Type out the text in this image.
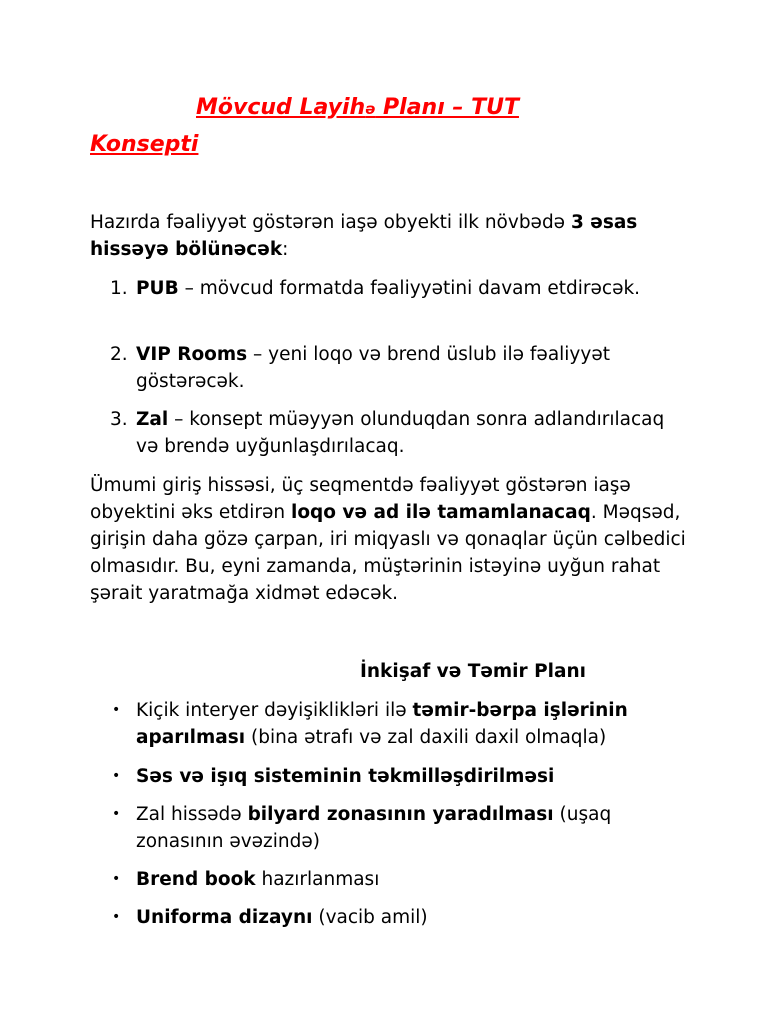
Mövcud Layihə Planı – TUT
Konsepti
Hazırda fəaliyyət göstərən iaşə obyekti ilk növbədə 3 əsas hissəyə bölünəcək:
1. PUB – mövcud formatda fəaliyyətini davam etdirəcək.
2. VIP Rooms – yeni loqo və brend üslub ilə fəaliyyət göstərəcək.
3. Zal – konsept müəyyən olunduqdan sonra adlandırılacaq və brendə uyğunlaşdırılacaq.
Ümumi giriş hissəsi, üç seqmentdə fəaliyyət göstərən iaşə obyektini əks etdirən loqo və ad ilə tamamlanacaq. Məqsəd, girişin daha gözə çarpan, iri miqyaslı və qonaqlar üçün cəlbedici olmasıdır. Bu, eyni zamanda, müştərinin istəyinə uyğun rahat şərait yaratmağa xidmət edəcək.
İnkişaf və Təmir Planı
• Kiçik interyer dəyişiklikləri ilə təmir-bərpa işlərinin aparılması (bina ətrafı və zal daxili daxil olmaqla)
• Səs və işıq sisteminin təkmilləşdirilməsi
• Zal hissədə bilyard zonasının yaradılması (uşaq zonasının əvəzində)
• Brend book hazırlanması
• Uniforma dizaynı (vacib amil)
